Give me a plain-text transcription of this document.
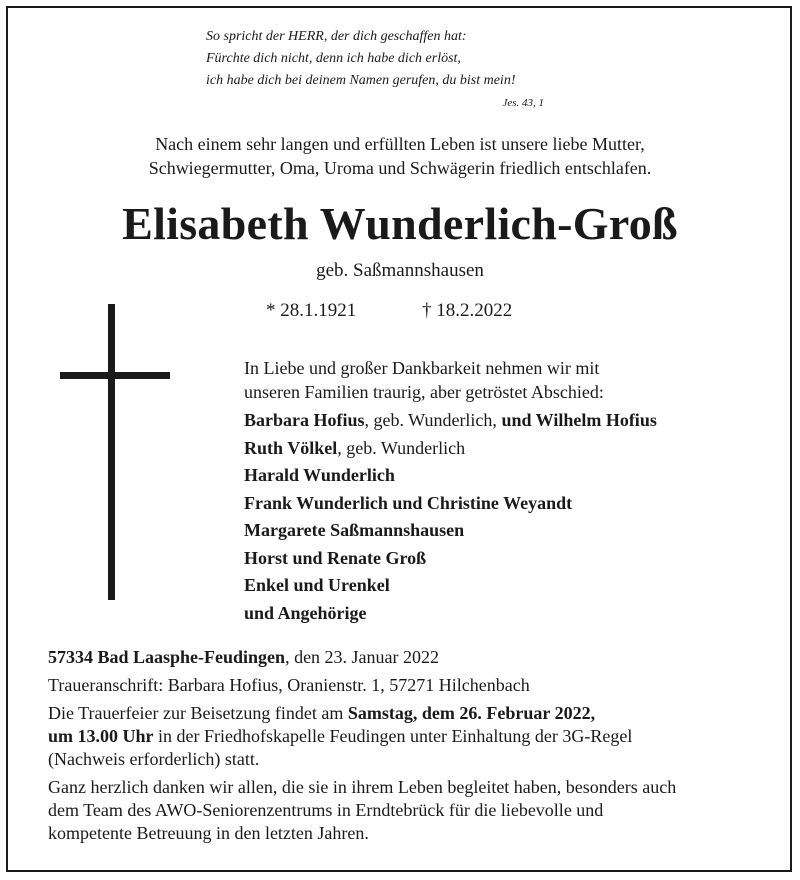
So spricht der HERR, der dich geschaffen hat:
Fürchte dich nicht, denn ich habe dich erlöst,
ich habe dich bei deinem Namen gerufen, du bist mein!
Jes. 43, 1
Nach einem sehr langen und erfüllten Leben ist unsere liebe Mutter,
Schwiegermutter, Oma, Uroma und Schwägerin friedlich entschlafen.
Elisabeth Wunderlich-Groß
geb. Saßmannshausen
* 28.1.1921	† 18.2.2022
In Liebe und großer Dankbarkeit nehmen wir mit
unseren Familien traurig, aber getröstet Abschied:
Barbara Hofius, geb. Wunderlich, und Wilhelm Hofius
Ruth Völkel, geb. Wunderlich
Harald Wunderlich
Frank Wunderlich und Christine Weyandt
Margarete Saßmannshausen
Horst und Renate Groß
Enkel und Urenkel
und Angehörige

57334 Bad Laasphe-Feudingen, den 23. Januar 2022

Traueranschrift: Barbara Hofius, Oranienstr. 1, 57271 Hilchenbach

Die Trauerfeier zur Beisetzung findet am Samstag, dem 26. Februar 2022,
um 13.00 Uhr in der Friedhofskapelle Feudingen unter Einhaltung der 3G-Regel
(Nachweis erforderlich) statt.

Ganz herzlich danken wir allen, die sie in ihrem Leben begleitet haben, besonders auch
dem Team des AWO-Seniorenzentrums in Erndtebrück für die liebevolle und
kompetente Betreuung in den letzten Jahren.
